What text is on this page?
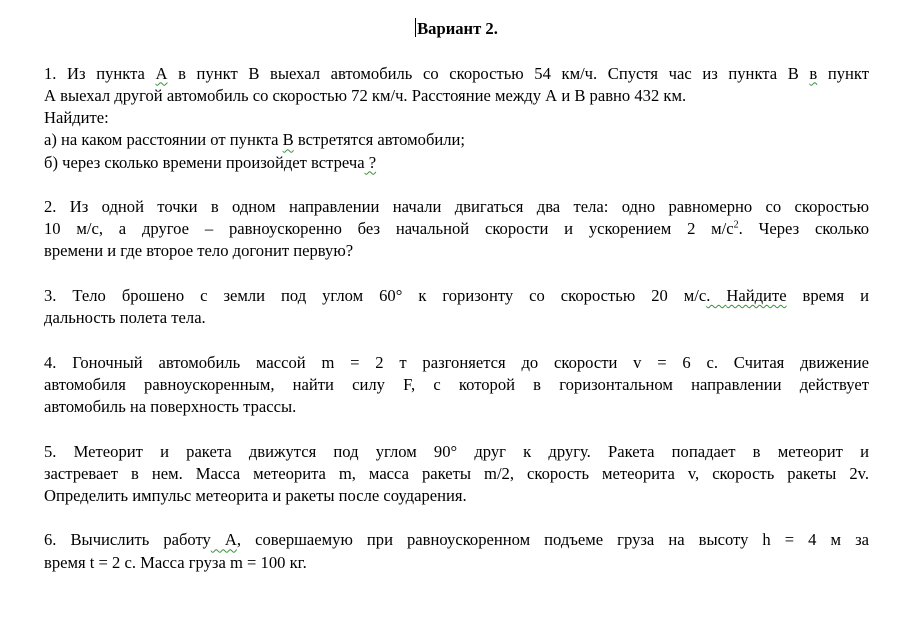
Вариант 2.
1. Из пункта А в пункт В выехал автомобиль со скоростью 54 км/ч. Спустя час из пункта В в пункт
А выехал другой автомобиль со скоростью 72 км/ч. Расстояние между А и В равно 432 км.
Найдите:
а) на каком расстоянии от пункта В встретятся автомобили;
б) через сколько времени произойдет встреча ?
2. Из одной точки в одном направлении начали двигаться два тела: одно равномерно со скоростью
10 м/с, а другое – равноускоренно без начальной скорости и ускорением 2 $м/с^2$. Через сколько
времени и где второе тело догонит первую?
3. Тело брошено с земли под углом 60° к горизонту со скоростью 20 м/с. Найдите время и
дальность полета тела.
4. Гоночный автомобиль массой m = 2 т разгоняется до скорости v = 6 с. Считая движение
автомобиля равноускоренным, найти силу F, с которой в горизонтальном направлении действует
автомобиль на поверхность трассы.
5. Метеорит и ракета движутся под углом 90° друг к другу. Ракета попадает в метеорит и
застревает в нем. Масса метеорита m, масса ракеты m/2, скорость метеорита v, скорость ракеты 2v.
Определить импульс метеорита и ракеты после соударения.
6. Вычислить работу А, совершаемую при равноускоренном подъеме груза на высоту h = 4 м за
время t = 2 с. Масса груза m = 100 кг.
